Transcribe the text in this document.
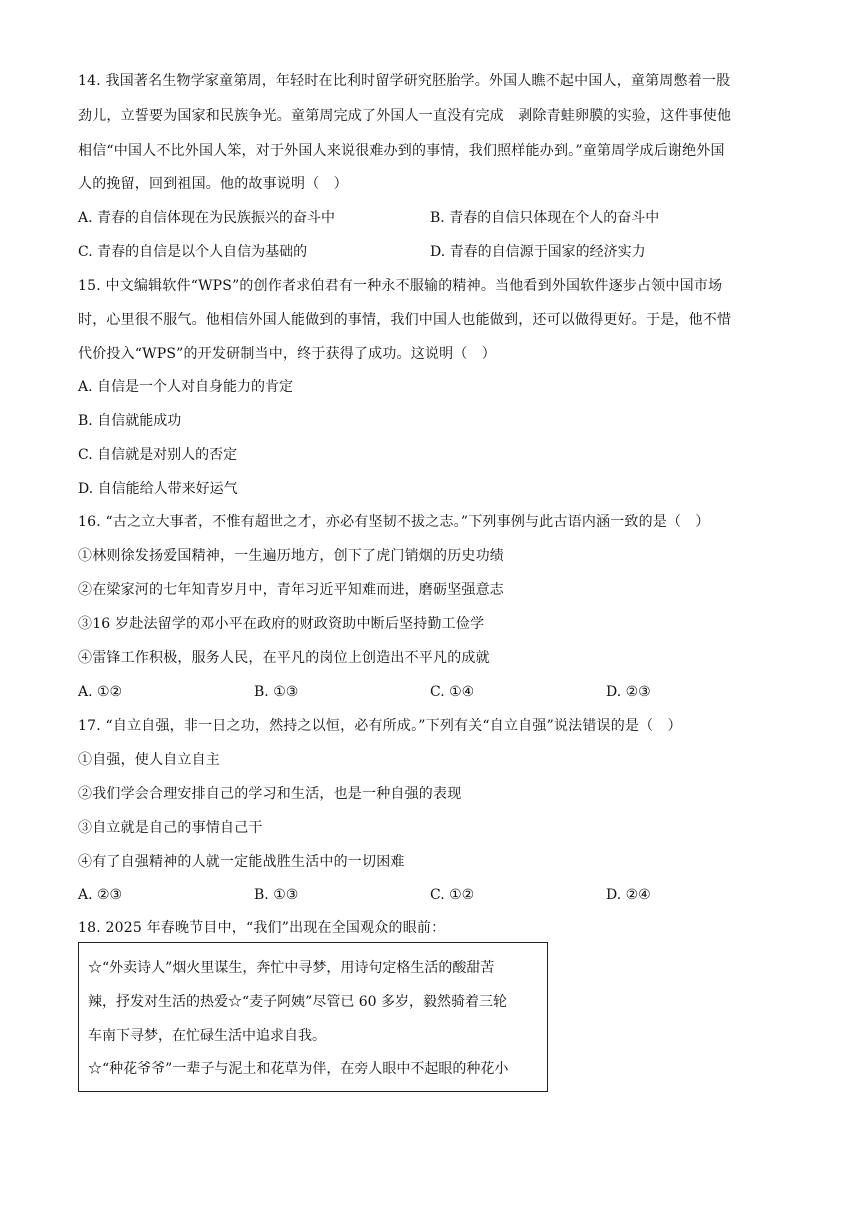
14. 我国著名生物学家童第周，年轻时在比利时留学研究胚胎学。外国人瞧不起中国人，童第周憋着一股
劲儿，立誓要为国家和民族争光。童第周完成了外国人一直没有完成　剥除青蛙卵膜的实验，这件事使他
相信“中国人不比外国人笨，对于外国人来说很难办到的事情，我们照样能办到。”童第周学成后谢绝外国
人的挽留，回到祖国。他的故事说明（　）
A. 青春的自信体现在为民族振兴的奋斗中	B. 青春的自信只体现在个人的奋斗中
C. 青春的自信是以个人自信为基础的	D. 青春的自信源于国家的经济实力
15. 中文编辑软件“WPS”的创作者求伯君有一种永不服输的精神。当他看到外国软件逐步占领中国市场
时，心里很不服气。他相信外国人能做到的事情，我们中国人也能做到，还可以做得更好。于是，他不惜
代价投入“WPS”的开发研制当中，终于获得了成功。这说明（　）
A. 自信是一个人对自身能力的肯定
B. 自信就能成功
C. 自信就是对别人的否定
D. 自信能给人带来好运气
16. “古之立大事者，不惟有超世之才，亦必有坚韧不拔之志。”下列事例与此古语内涵一致的是（　）
①林则徐发扬爱国精神，一生遍历地方，创下了虎门销烟的历史功绩
②在梁家河的七年知青岁月中，青年习近平知难而进，磨砺坚强意志
③16 岁赴法留学的邓小平在政府的财政资助中断后坚持勤工俭学
④雷锋工作积极，服务人民，在平凡的岗位上创造出不平凡的成就
A. ①②	B. ①③	C. ①④	D. ②③
17. “自立自强，非一日之功，然持之以恒，必有所成。”下列有关“自立自强”说法错误的是（　）
①自强，使人自立自主
②我们学会合理安排自己的学习和生活，也是一种自强的表现
③自立就是自己的事情自己干
④有了自强精神的人就一定能战胜生活中的一切困难
A. ②③	B. ①③	C. ①②	D. ②④
18. 2025 年春晚节目中，“我们”出现在全国观众的眼前：
☆“外卖诗人”烟火里谋生，奔忙中寻梦，用诗句定格生活的酸甜苦
辣，抒发对生活的热爱☆“麦子阿姨”尽管已 60 多岁，毅然骑着三轮
车南下寻梦，在忙碌生活中追求自我。
☆“种花爷爷”一辈子与泥土和花草为伴，在旁人眼中不起眼的种花小
